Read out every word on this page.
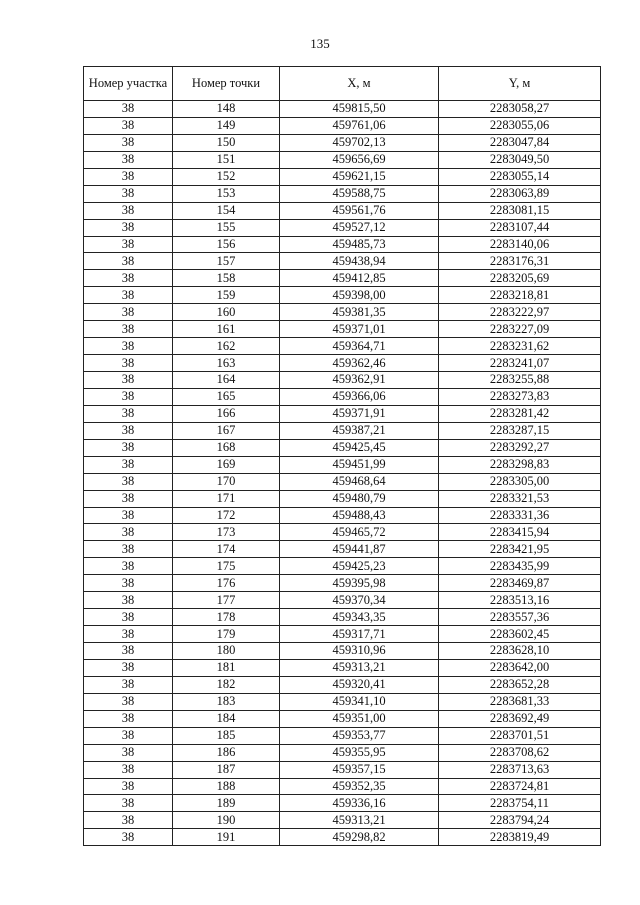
135
Номер участка	Номер точки	X, м	Y, м
38	148	459815,50	2283058,27
38	149	459761,06	2283055,06
38	150	459702,13	2283047,84
38	151	459656,69	2283049,50
38	152	459621,15	2283055,14
38	153	459588,75	2283063,89
38	154	459561,76	2283081,15
38	155	459527,12	2283107,44
38	156	459485,73	2283140,06
38	157	459438,94	2283176,31
38	158	459412,85	2283205,69
38	159	459398,00	2283218,81
38	160	459381,35	2283222,97
38	161	459371,01	2283227,09
38	162	459364,71	2283231,62
38	163	459362,46	2283241,07
38	164	459362,91	2283255,88
38	165	459366,06	2283273,83
38	166	459371,91	2283281,42
38	167	459387,21	2283287,15
38	168	459425,45	2283292,27
38	169	459451,99	2283298,83
38	170	459468,64	2283305,00
38	171	459480,79	2283321,53
38	172	459488,43	2283331,36
38	173	459465,72	2283415,94
38	174	459441,87	2283421,95
38	175	459425,23	2283435,99
38	176	459395,98	2283469,87
38	177	459370,34	2283513,16
38	178	459343,35	2283557,36
38	179	459317,71	2283602,45
38	180	459310,96	2283628,10
38	181	459313,21	2283642,00
38	182	459320,41	2283652,28
38	183	459341,10	2283681,33
38	184	459351,00	2283692,49
38	185	459353,77	2283701,51
38	186	459355,95	2283708,62
38	187	459357,15	2283713,63
38	188	459352,35	2283724,81
38	189	459336,16	2283754,11
38	190	459313,21	2283794,24
38	191	459298,82	2283819,49
